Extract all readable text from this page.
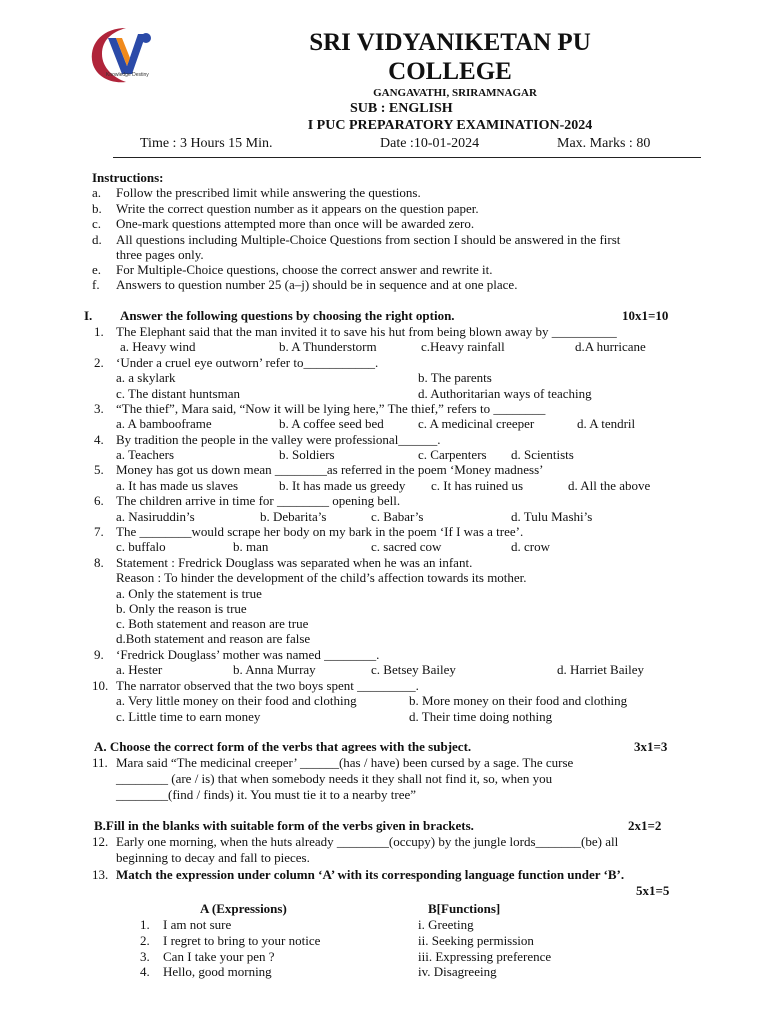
Knowledge Destiny
SRI VIDYANIKETAN PU
COLLEGE
GANGAVATHI, SRIRAMNAGAR
SUB : ENGLISH
I PUC PREPARATORY EXAMINATION-2024
Time : 3 Hours 15 Min.	Date :10-01-2024	Max. Marks : 80
Instructions:
a. Follow the prescribed limit while answering the questions.
b. Write the correct question number as it appears on the question paper.
c. One-mark questions attempted more than once will be awarded zero.
d. All questions including Multiple-Choice Questions from section I should be answered in the first
three pages only.
e. For Multiple-Choice questions, choose the correct answer and rewrite it.
f. Answers to question number 25 (a–j) should be in sequence and at one place.
I. Answer the following questions by choosing the right option.	10x1=10
1. The Elephant said that the man invited it to save his hut from being blown away by __________
a. Heavy wind	b. A Thunderstorm	c.Heavy rainfall	d.A hurricane
2. ‘Under a cruel eye outworn’ refer to___________.
a. a skylark	b. The parents
c. The distant huntsman	d. Authoritarian ways of teaching
3. “The thief”, Mara said, “Now it will be lying here,” The thief,” refers to ________
a. A bambooframe	b. A coffee seed bed	c. A medicinal creeper	d. A tendril
4. By tradition the people in the valley were professional______.
a. Teachers	b. Soldiers	c. Carpenters d. Scientists
5. Money has got us down mean ________as referred in the poem ‘Money madness’
a. It has made us slaves	b. It has made us greedy c. It has ruined us	d. All the above
6. The children arrive in time for ________ opening bell.
a. Nasiruddin’s	b. Debarita’s	c. Babar’s	d. Tulu Mashi’s
7. The ________would scrape her body on my bark in the poem ‘If I was a tree’.
c. buffalo	b. man	c. sacred cow	d. crow
8. Statement : Fredrick Douglass was separated when he was an infant.
Reason : To hinder the development of the child’s affection towards its mother.
a. Only the statement is true
b. Only the reason is true
c. Both statement and reason are true
d.Both statement and reason are false
9. ‘Fredrick Douglass’ mother was named ________.
a. Hester	b. Anna Murray	c. Betsey Bailey	d. Harriet Bailey
10. The narrator observed that the two boys spent _________.
a. Very little money on their food and clothing	b. More money on their food and clothing
c. Little time to earn money	d. Their time doing nothing
A. Choose the correct form of the verbs that agrees with the subject.	3x1=3
11. Mara said “The medicinal creeper’ ______(has / have) been cursed by a sage. The curse
________ (are / is) that when somebody needs it they shall not find it, so, when you
________(find / finds) it. You must tie it to a nearby tree”
B.Fill in the blanks with suitable form of the verbs given in brackets.	2x1=2
12. Early one morning, when the huts already ________(occupy) by the jungle lords_______(be) all
beginning to decay and fall to pieces.
13. Match the expression under column ‘A’ with its corresponding language function under ‘B’.
5x1=5
A (Expressions)	B[Functions]
1. I am not sure	i. Greeting
2. I regret to bring to your notice	ii. Seeking permission
3. Can I take your pen ?	iii. Expressing preference
4. Hello, good morning	iv. Disagreeing
